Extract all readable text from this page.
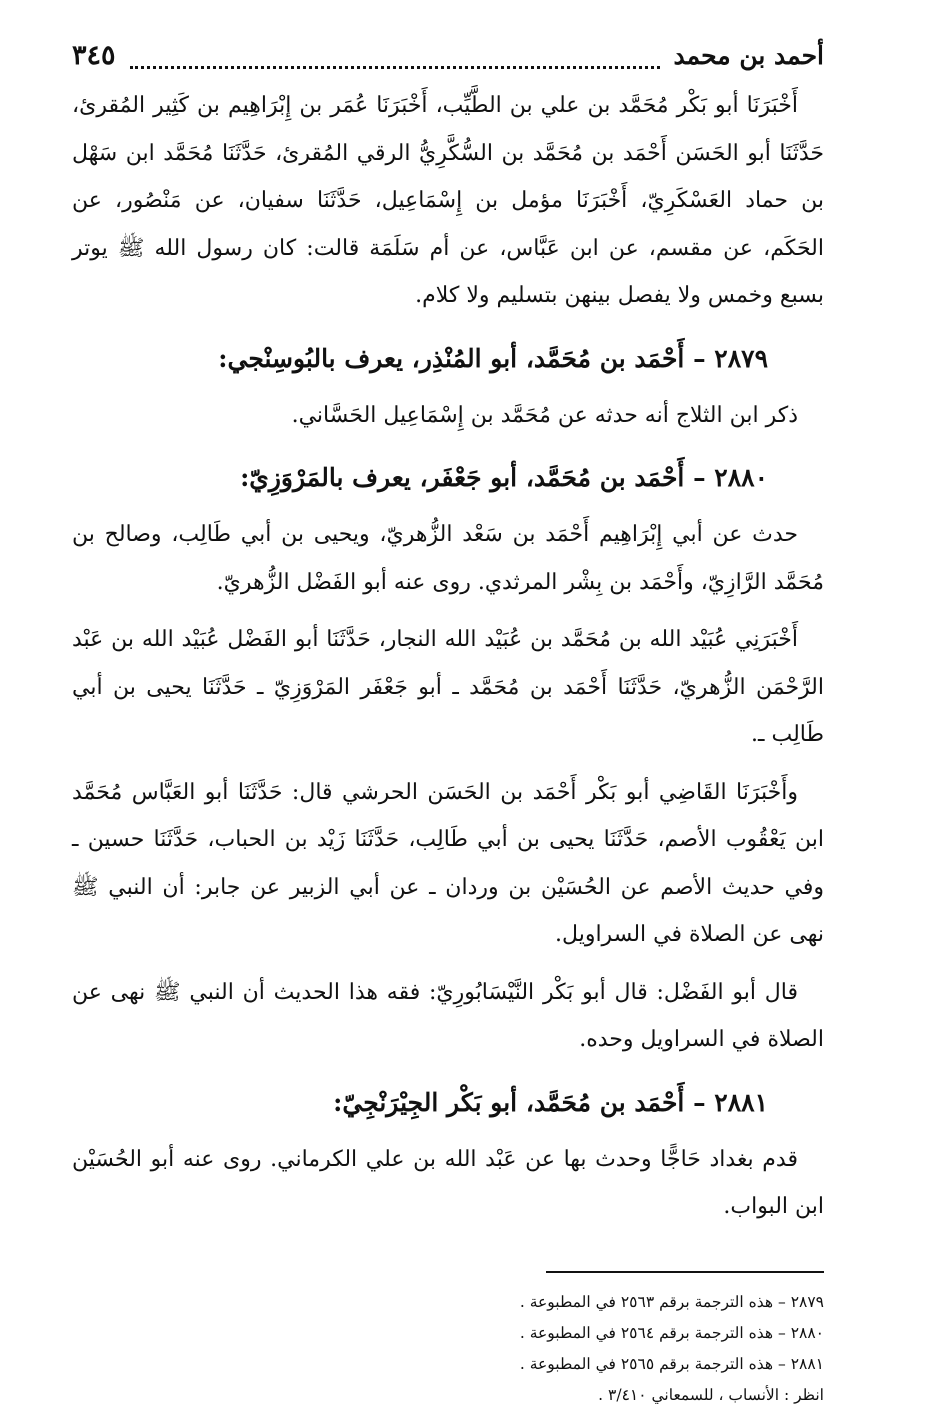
أحمد بن محمد
٣٤٥

أَخْبَرَنَا أبو بَكْر مُحَمَّد بن علي بن الطَّيِّب، أَخْبَرَنَا عُمَر بن إِبْرَاهِيم بن كَثِير المُقرئ، حَدَّثَنَا أبو الحَسَن أَحْمَد بن مُحَمَّد بن السُّكَّرِيُّ الرقي المُقرئ، حَدَّثَنَا مُحَمَّد ابن سَهْل بن حماد العَسْكَرِيّ، أَخْبَرَنَا مؤمل بن إِسْمَاعِيل، حَدَّثَنَا سفيان، عن مَنْصُور، عن الحَكَم، عن مقسم، عن ابن عَبَّاس، عن أم سَلَمَة قالت: كان رسول الله ﷺ يوتر بسبع وخمس ولا يفصل بينهن بتسليم ولا كلام.

٢٨٧٩ – أَحْمَد بن مُحَمَّد، أبو المُنْذِر، يعرف بالبُوسِنْجي:

ذكر ابن الثلاج أنه حدثه عن مُحَمَّد بن إِسْمَاعِيل الحَسَّاني.

٢٨٨٠ – أَحْمَد بن مُحَمَّد، أبو جَعْفَر، يعرف بالمَرْوَزِيّ:

حدث عن أبي إِبْرَاهِيم أَحْمَد بن سَعْد الزُّهريّ، ويحيى بن أبي طَالِب، وصالح بن مُحَمَّد الرَّازِيّ، وأَحْمَد بن بِشْر المرثدي. روى عنه أبو الفَضْل الزُّهريّ.

أَخْبَرَنِي عُبَيْد الله بن مُحَمَّد بن عُبَيْد الله النجار، حَدَّثَنَا أبو الفَضْل عُبَيْد الله بن عَبْد الرَّحْمَن الزُّهريّ، حَدَّثَنَا أَحْمَد بن مُحَمَّد ـ أبو جَعْفَر المَرْوَزِيّ ـ حَدَّثَنَا يحيى بن أبي طَالِب ـ.

وأَخْبَرَنَا القَاضِي أبو بَكْر أَحْمَد بن الحَسَن الحرشي قال: حَدَّثَنَا أبو العَبَّاس مُحَمَّد ابن يَعْقُوب الأصم، حَدَّثَنَا يحيى بن أبي طَالِب، حَدَّثَنَا زَيْد بن الحباب، حَدَّثَنَا حسين ـ وفي حديث الأصم عن الحُسَيْن بن وردان ـ عن أبي الزبير عن جابر: أن النبي ﷺ نهى عن الصلاة في السراويل.

قال أبو الفَضْل: قال أبو بَكْر النَّيْسَابُورِيّ: فقه هذا الحديث أن النبي ﷺ نهى عن الصلاة في السراويل وحده.

٢٨٨١ – أَحْمَد بن مُحَمَّد، أبو بَكْر الجِيْرَنْجِيّ:

قدم بغداد حَاجًّا وحدث بها عن عَبْد الله بن علي الكرماني. روى عنه أبو الحُسَيْن ابن البواب.

٢٨٧٩ – هذه الترجمة برقم ٢٥٦٣ في المطبوعة .

٢٨٨٠ – هذه الترجمة برقم ٢٥٦٤ في المطبوعة .

٢٨٨١ – هذه الترجمة برقم ٢٥٦٥ في المطبوعة .

انظر : الأنساب ، للسمعاني ٣/٤١٠ .
